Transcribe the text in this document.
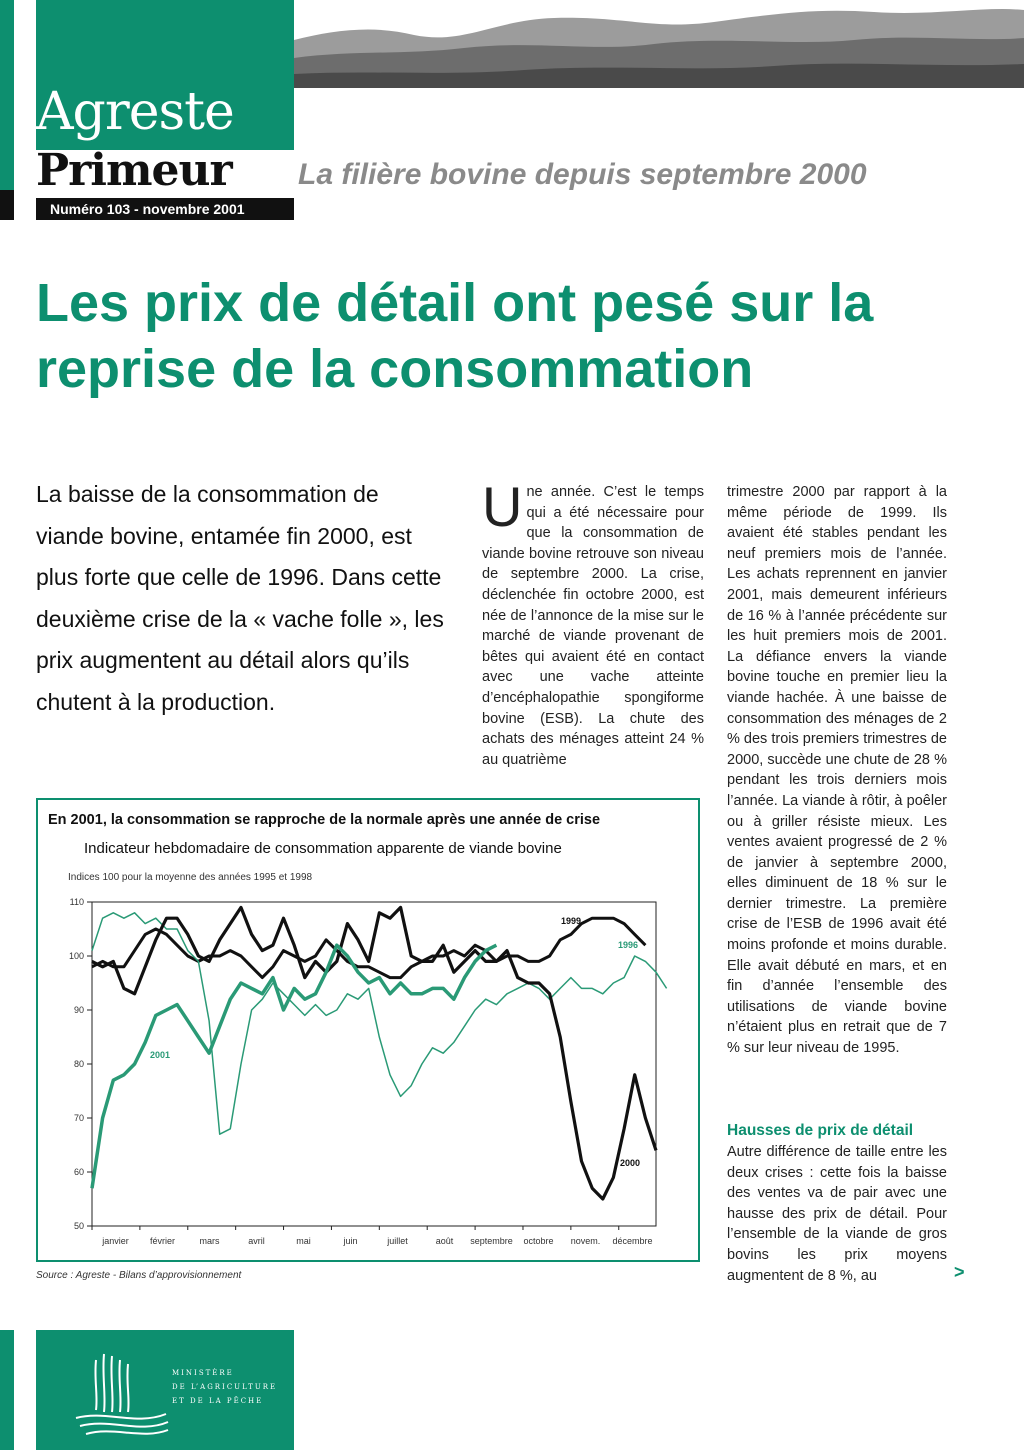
Agreste
Primeur La filière bovine depuis septembre 2000
Numéro 103 - novembre 2001
Les prix de détail ont pesé sur la reprise de la consommation

La baisse de la consommation de viande bovine, entamée fin 2000, est plus forte que celle de 1996. Dans cette deuxième crise de la « vache folle », les prix augmentent au détail alors qu’ils chutent à la production.

Une année. C’est le temps qui a été nécessaire pour que la consommation de viande bovine retrouve son niveau de septembre 2000. La crise, déclenchée fin octobre 2000, est née de l’annonce de la mise sur le marché de viande provenant de bêtes qui avaient été en contact avec une vache atteinte d’encéphalopathie spongiforme bovine (ESB). La chute des achats des ménages atteint 24 % au quatrième

trimestre 2000 par rapport à la même période de 1999. Ils avaient été stables pendant les neuf premiers mois de l’année. Les achats reprennent en janvier 2001, mais demeurent inférieurs de 16 % à l’année précédente sur les huit premiers mois de 2001. La défiance envers la viande bovine touche en premier lieu la viande hachée. À une baisse de consommation des ménages de 2 % des trois premiers trimestres de 2000, succède une chute de 28 % pendant les trois derniers mois l’année. La viande à rôtir, à poêler ou à griller résiste mieux. Les ventes avaient progressé de 2 % de janvier à septembre 2000, elles diminuent de 18 % sur le dernier trimestre. La première crise de l’ESB de 1996 avait été moins profonde et moins durable. Elle avait débuté en mars, et en fin d’année l’ensemble des utilisations de viande bovine n’étaient plus en retrait que de 7 % sur leur niveau de 1995.

Hausses de prix de détail

Autre différence de taille entre les deux crises : cette fois la baisse des ventes va de pair avec une hausse des prix de détail. Pour l’ensemble de la viande de gros bovins les prix moyens augmentent de 8 %, au	>
50
60
70
80
90
100
110
janvier février	mars	avril	mai	juin	juillet	août septembre octobre novem. décembre
1999
1996
2000
2001
En 2001, la consommation se rapproche de la normale après une année de crise
Indicateur hebdomadaire de consommation apparente de viande bovine
Indices 100 pour la moyenne des années 1995 et 1998
Source : Agreste - Bilans d’approvisionnement
MINISTÈRE
DE L’AGRICULTURE
ET DE LA PÊCHE
